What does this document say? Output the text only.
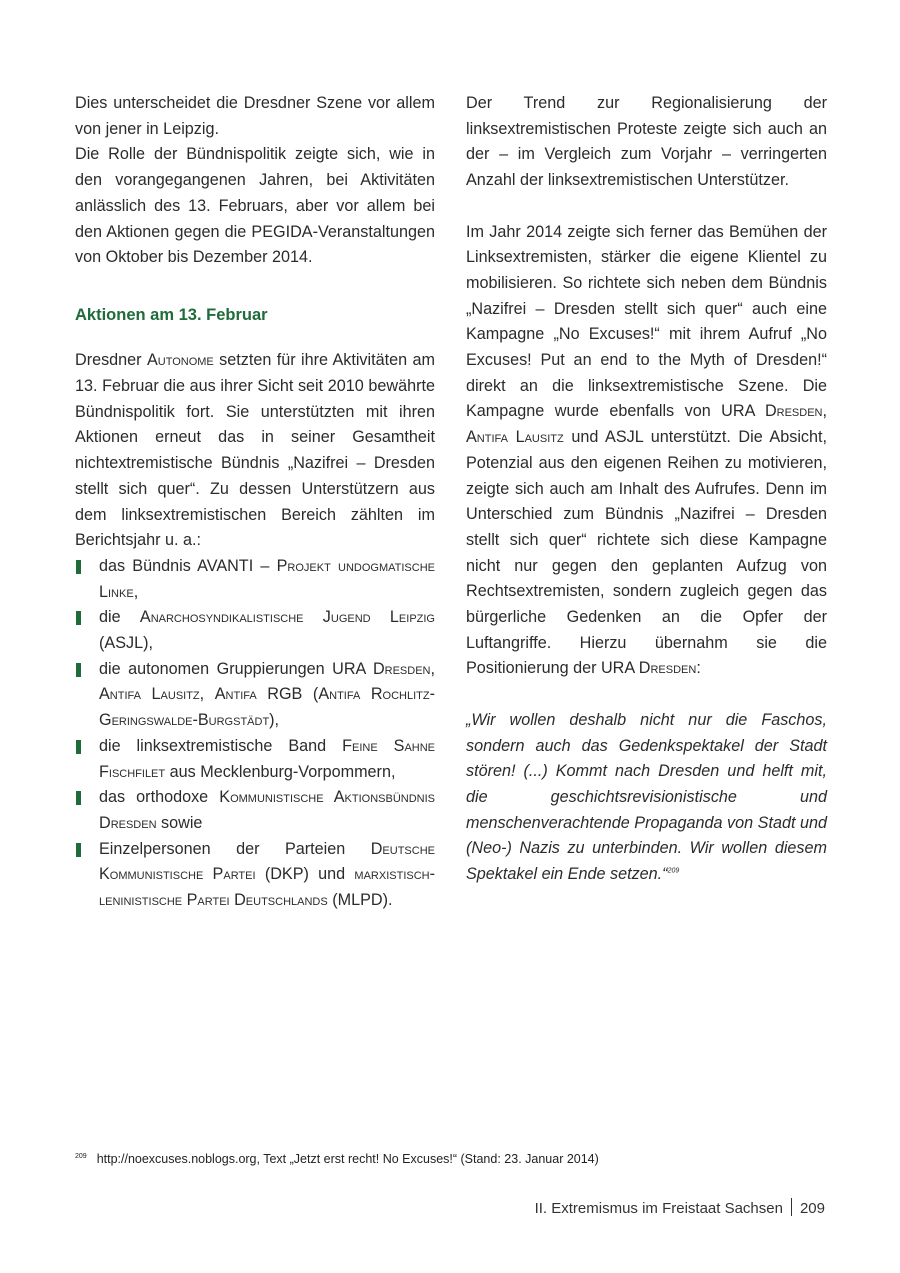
Dies unterscheidet die Dresdner Szene vor allem von jener in Leipzig.

Die Rolle der Bündnispolitik zeigte sich, wie in den vorangegangenen Jahren, bei Aktivitäten anlässlich des 13. Februars, aber vor allem bei den Aktionen gegen die PEGIDA-Veranstaltungen von Oktober bis Dezember 2014.

Aktionen am 13. Februar

Dresdner Autonome setzten für ihre Aktivitäten am 13. Februar die aus ihrer Sicht seit 2010 bewährte Bündnispolitik fort. Sie unterstützten mit ihren Aktionen erneut das in seiner Gesamtheit nichtextremistische Bündnis „Nazifrei – Dresden stellt sich quer“. Zu dessen Unterstützern aus dem linksextremistischen Bereich zählten im Berichtsjahr u. a.:

das Bündnis AVANTI – Projekt undogmatische Linke,
die Anarchosyndikalistische Jugend Leipzig (ASJL),
die autonomen Gruppierungen URA Dresden, Antifa Lausitz, Antifa RGB (Antifa Rochlitz-Geringswalde-Burgstädt),
die linksextremistische Band Feine Sahne Fischfilet aus Mecklenburg-Vorpommern,
das orthodoxe Kommunistische Aktionsbündnis Dresden sowie
Einzelpersonen der Parteien Deutsche Kommunistische Partei (DKP) und marxistisch-leninistische Partei Deutschlands (MLPD).

Der Trend zur Regionalisierung der linksextremistischen Proteste zeigte sich auch an der – im Vergleich zum Vorjahr – verringerten Anzahl der linksextremistischen Unterstützer.

Im Jahr 2014 zeigte sich ferner das Bemühen der Linksextremisten, stärker die eigene Klientel zu mobilisieren. So richtete sich neben dem Bündnis „Nazifrei – Dresden stellt sich quer“ auch eine Kampagne „No Excuses!“ mit ihrem Aufruf „No Excuses! Put an end to the Myth of Dresden!“ direkt an die linksextremistische Szene. Die Kampagne wurde ebenfalls von URA Dresden, Antifa Lausitz und ASJL unterstützt. Die Absicht, Potenzial aus den eigenen Reihen zu motivieren, zeigte sich auch am Inhalt des Aufrufes. Denn im Unterschied zum Bündnis „Nazifrei – Dresden stellt sich quer“ richtete sich diese Kampagne nicht nur gegen den geplanten Aufzug von Rechtsextremisten, sondern zugleich gegen das bürgerliche Gedenken an die Opfer der Luftangriffe. Hierzu übernahm sie die Positionierung der URA Dresden:

„Wir wollen deshalb nicht nur die Faschos, sondern auch das Gedenkspektakel der Stadt stören! (...) Kommt nach Dresden und helft mit, die geschichtsrevisionistische und menschenverachtende Propaganda von Stadt und (Neo-) Nazis zu unterbinden. Wir wollen diesem Spektakel ein Ende setzen.“$^{209}$

$^{209}$ http://noexcuses.noblogs.org, Text „Jetzt erst recht! No Excuses!“ (Stand: 23. Januar 2014)
II. Extremismus im Freistaat Sachsen 209
